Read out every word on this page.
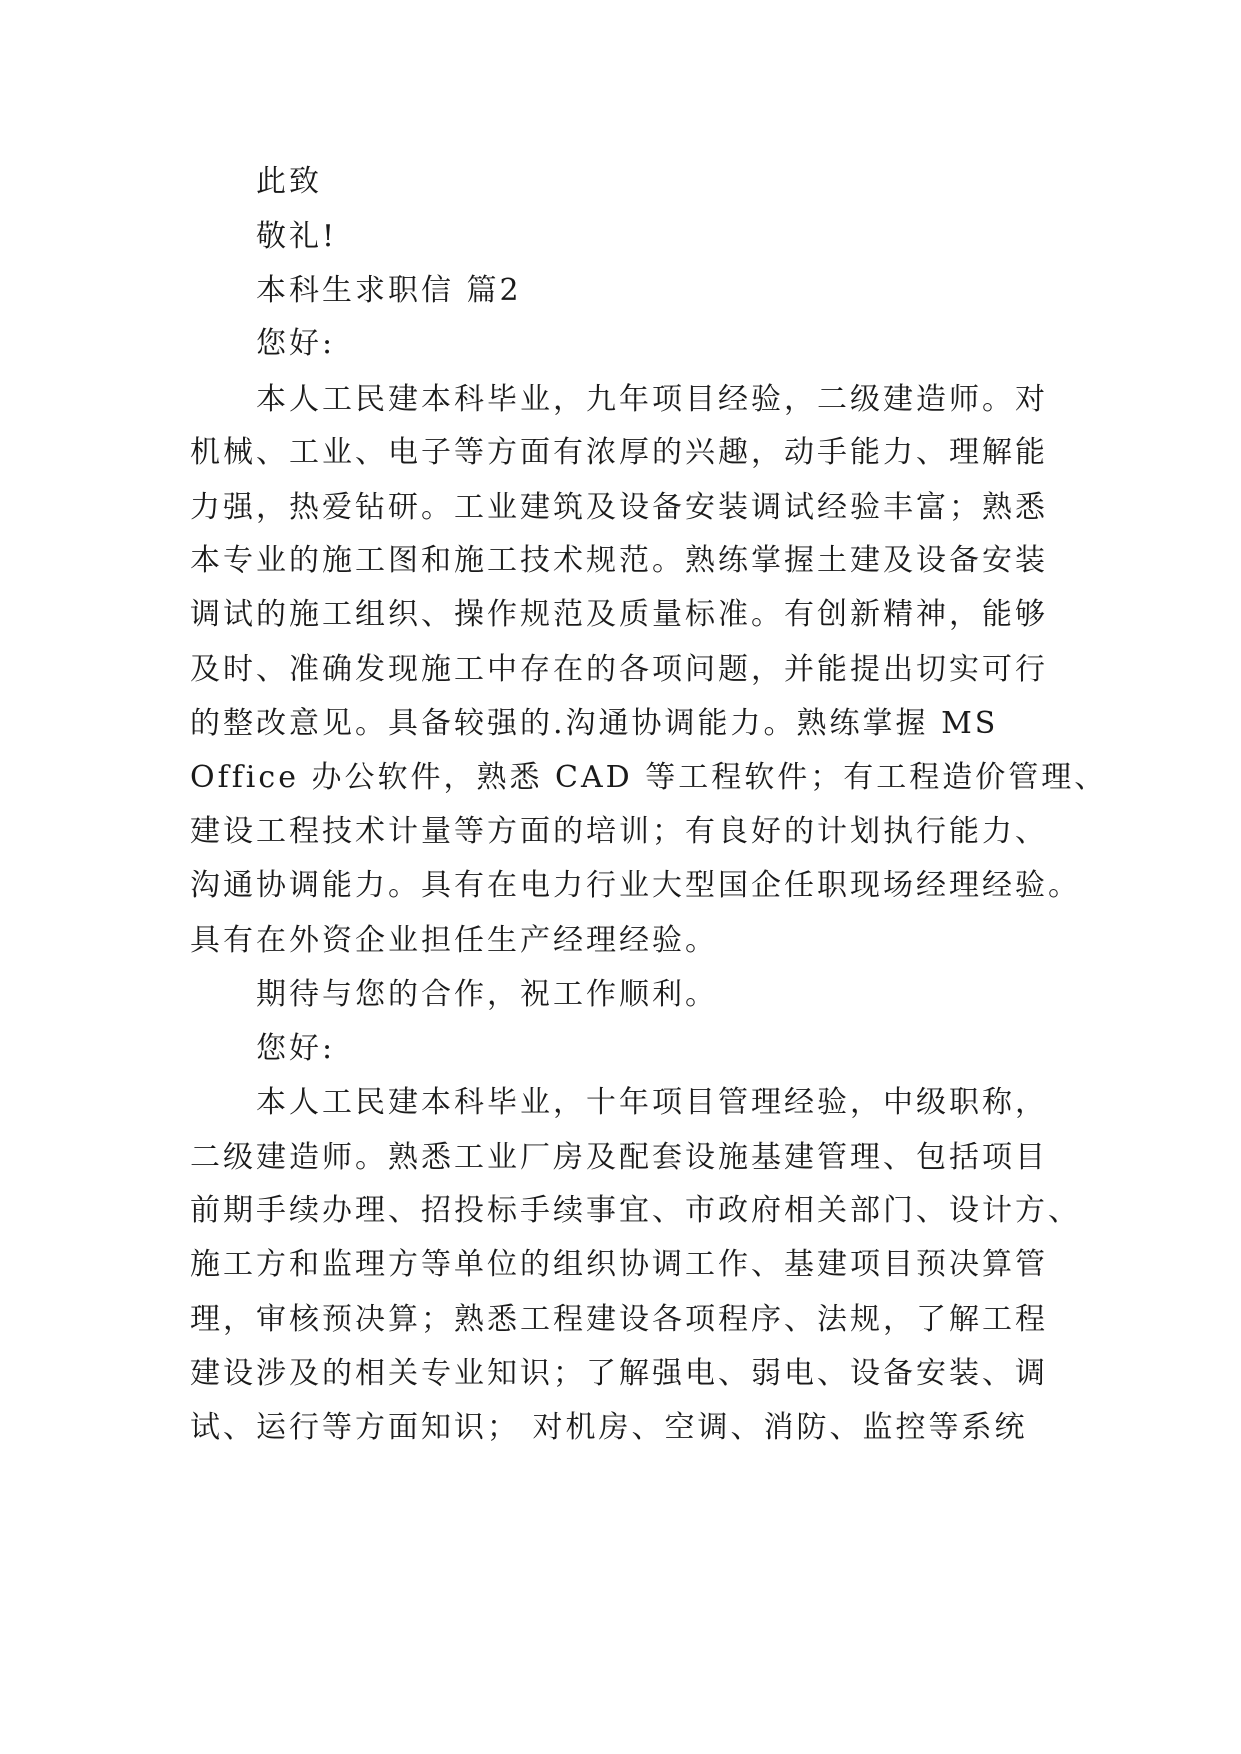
此致
敬礼!
本科生求职信 篇2
您好:
本人工民建本科毕业，九年项目经验，二级建造师。对
机械、工业、电子等方面有浓厚的兴趣，动手能力、理解能
力强，热爱钻研。工业建筑及设备安装调试经验丰富；熟悉
本专业的施工图和施工技术规范。熟练掌握土建及设备安装
调试的施工组织、操作规范及质量标准。有创新精神，能够
及时、准确发现施工中存在的各项问题，并能提出切实可行
的整改意见。具备较强的.沟通协调能力。熟练掌握 MS
Office 办公软件，熟悉 CAD 等工程软件；有工程造价管理、
建设工程技术计量等方面的培训；有良好的计划执行能力、
沟通协调能力。具有在电力行业大型国企任职现场经理经验。
具有在外资企业担任生产经理经验。
期待与您的合作，祝工作顺利。
您好:
本人工民建本科毕业，十年项目管理经验，中级职称，
二级建造师。熟悉工业厂房及配套设施基建管理、包括项目
前期手续办理、招投标手续事宜、市政府相关部门、设计方、
施工方和监理方等单位的组织协调工作、基建项目预决算管
理，审核预决算；熟悉工程建设各项程序、法规，了解工程
建设涉及的相关专业知识；了解强电、弱电、设备安装、调
试、运行等方面知识； 对机房、空调、消防、监控等系统
